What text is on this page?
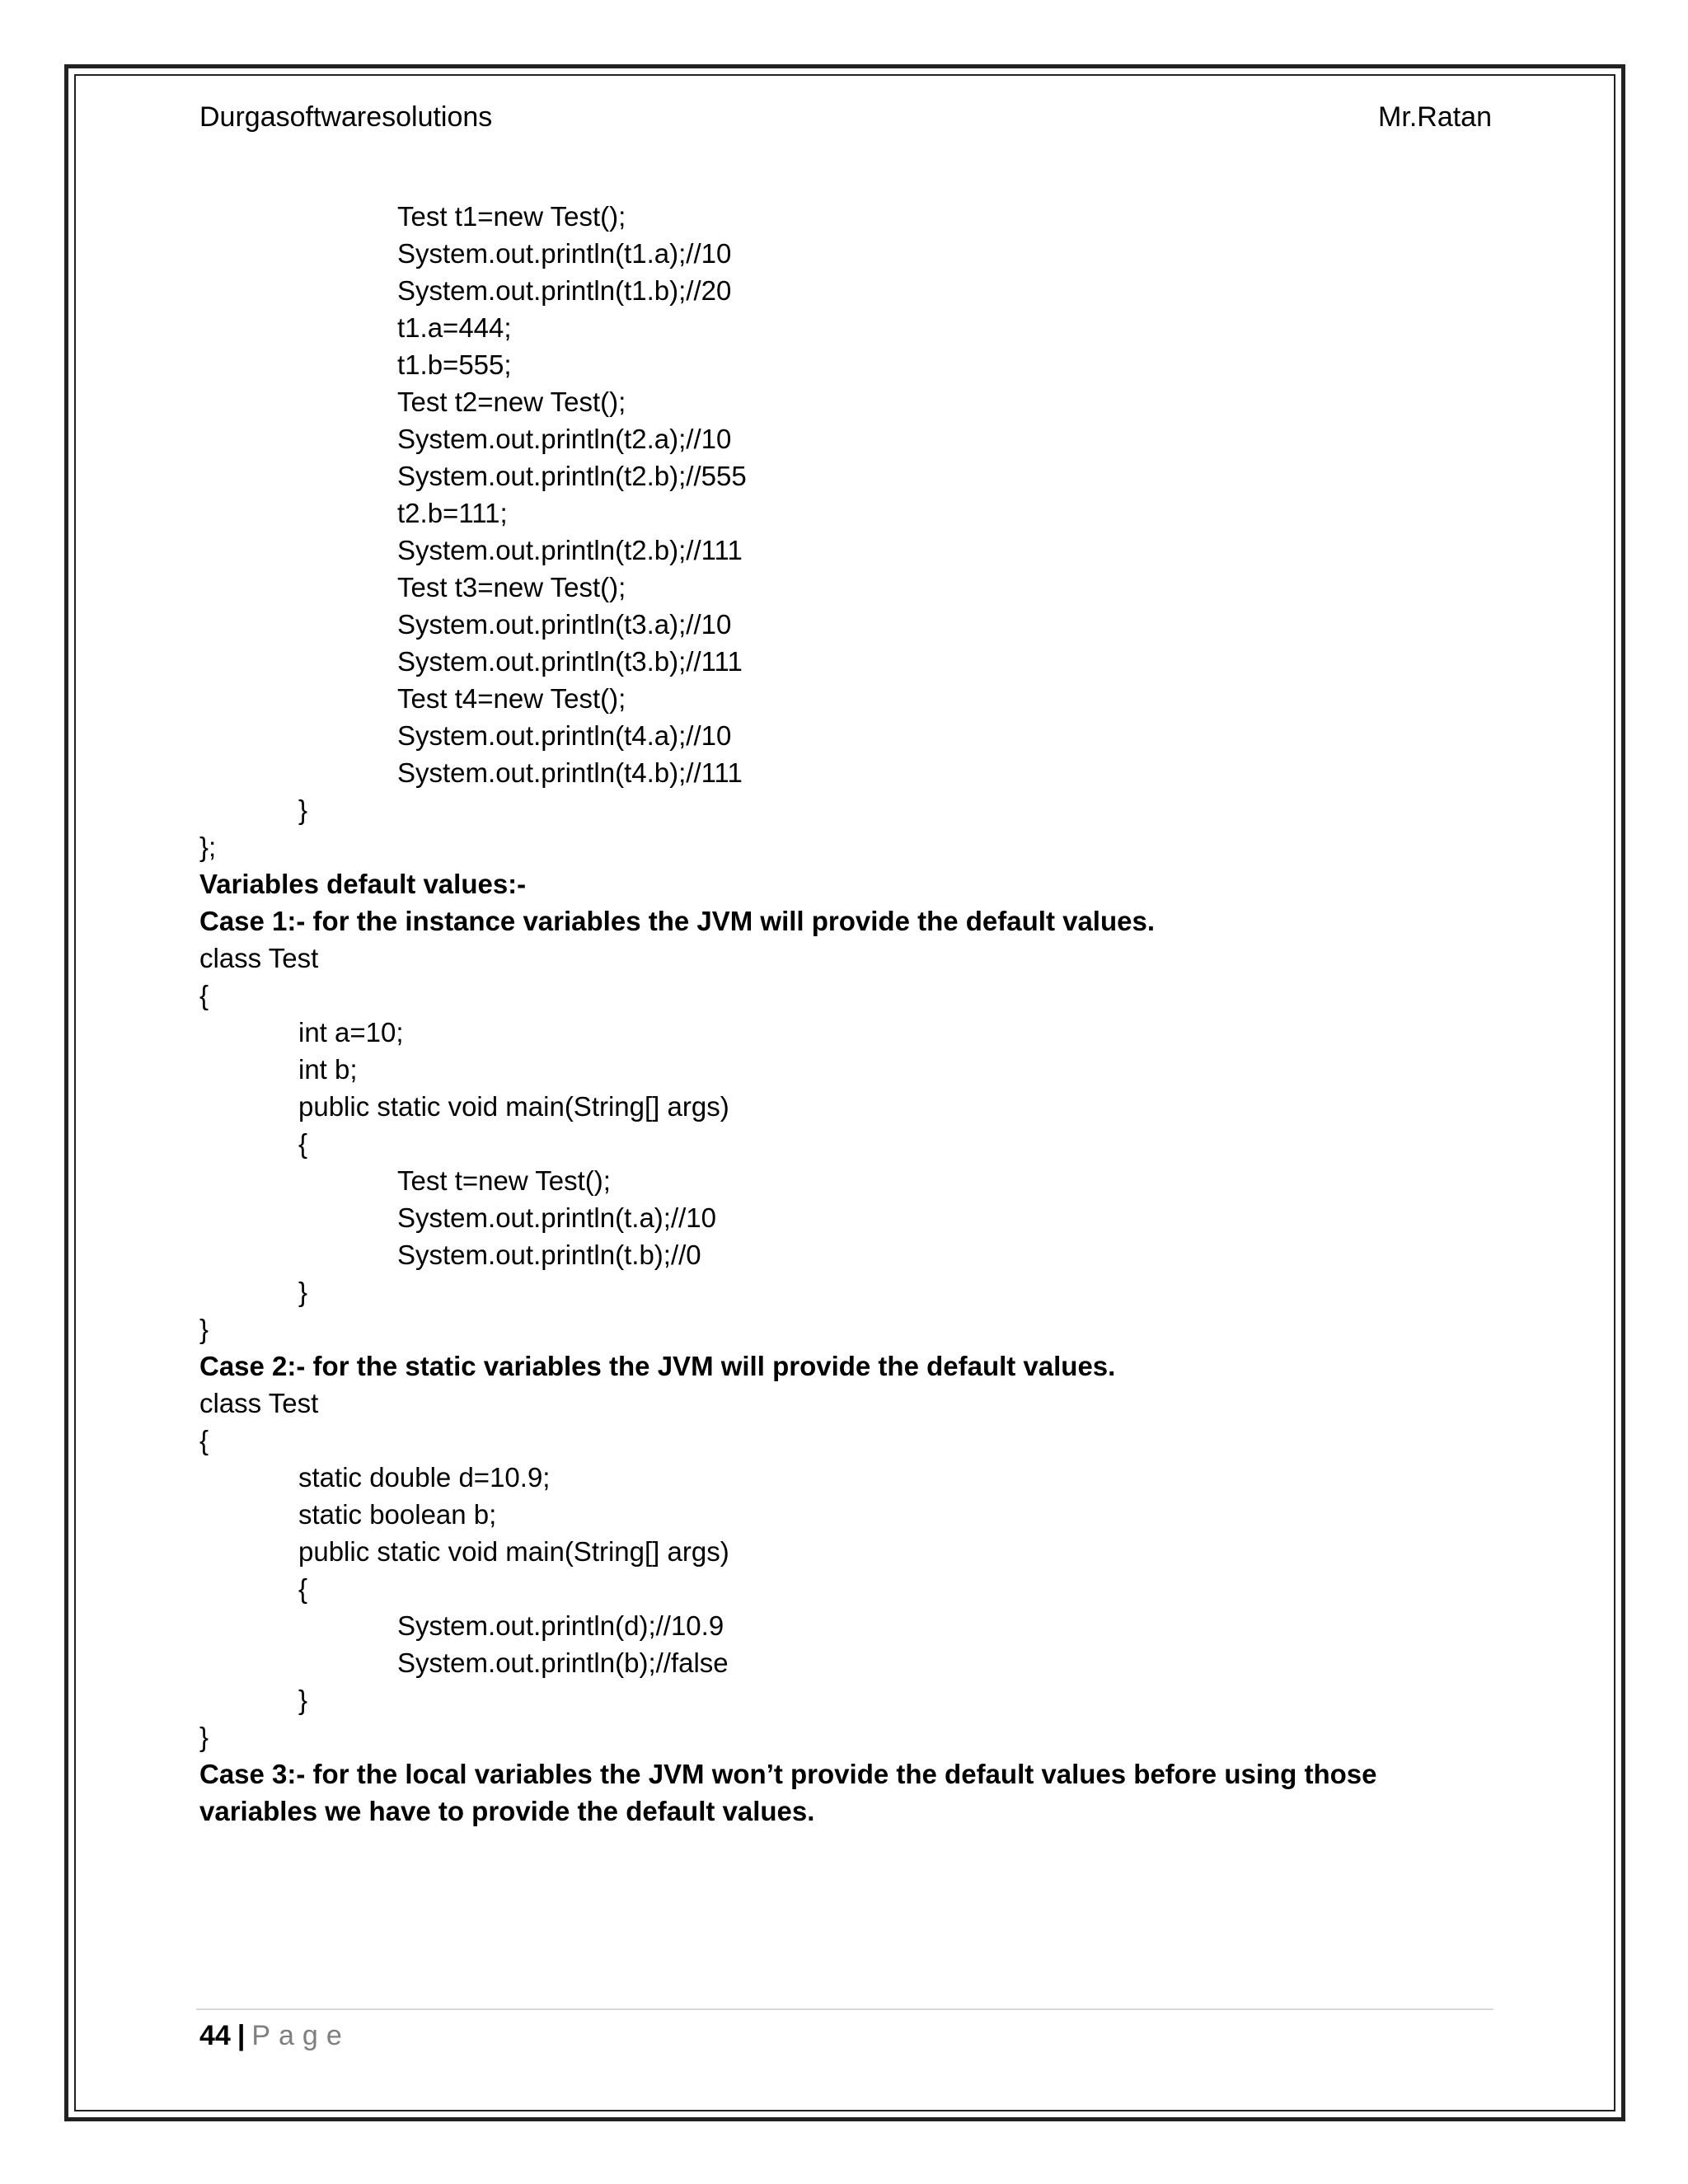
Durgasoftwaresolutions	Mr.Ratan
Test t1=new Test();
System.out.println(t1.a);//10
System.out.println(t1.b);//20
t1.a=444;
t1.b=555;
Test t2=new Test();
System.out.println(t2.a);//10
System.out.println(t2.b);//555
t2.b=111;
System.out.println(t2.b);//111
Test t3=new Test();
System.out.println(t3.a);//10
System.out.println(t3.b);//111
Test t4=new Test();
System.out.println(t4.a);//10
System.out.println(t4.b);//111
}
};
Variables default values:-
Case 1:- for the instance variables the JVM will provide the default values.
class Test
{
int a=10;
int b;
public static void main(String[] args)
{
Test t=new Test();
System.out.println(t.a);//10
System.out.println(t.b);//0
}
}
Case 2:- for the static variables the JVM will provide the default values.
class Test
{
static double d=10.9;
static boolean b;
public static void main(String[] args)
{
System.out.println(d);//10.9
System.out.println(b);//false
}
}
Case 3:- for the local variables the JVM won’t provide the default values before using those variables we have to provide the default values.
44 | Page
